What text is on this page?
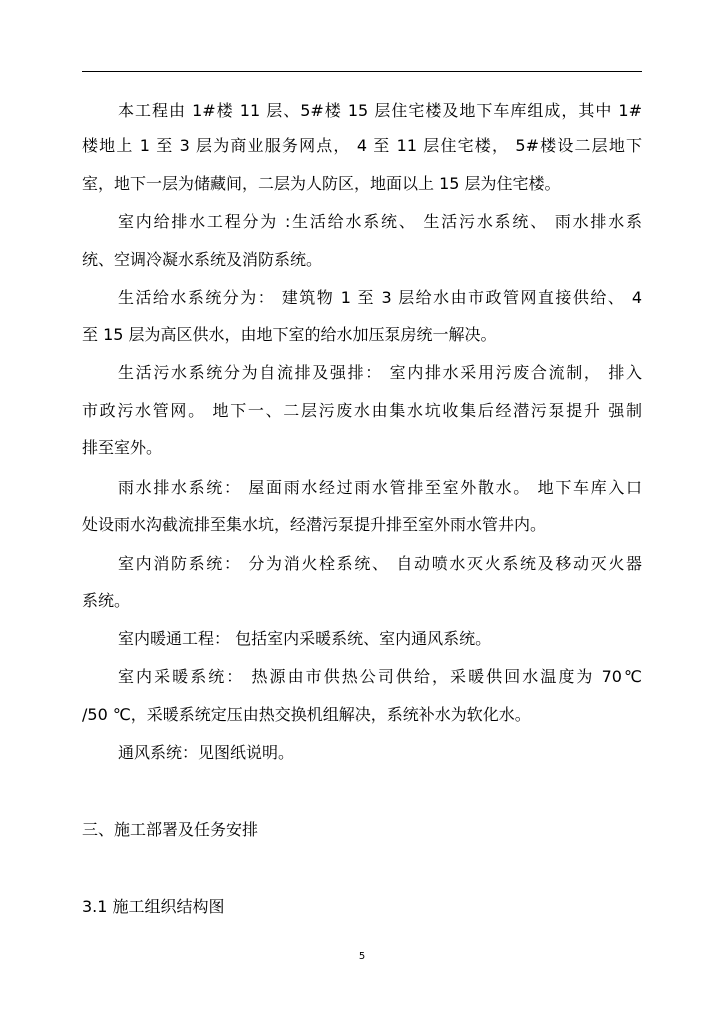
本工程由 1#楼 11 层、5#楼 15 层住宅楼及地下车库组成，其中 1#
楼地上 1 至 3 层为商业服务网点， 4 至 11 层住宅楼， 5#楼设二层地下
室，地下一层为储藏间，二层为人防区，地面以上 15 层为住宅楼。
室内给排水工程分为 :生活给水系统、 生活污水系统、 雨水排水系
统、空调冷凝水系统及消防系统。
生活给水系统分为： 建筑物 1 至 3 层给水由市政管网直接供给、 4
至 15 层为高区供水，由地下室的给水加压泵房统一解决。
生活污水系统分为自流排及强排： 室内排水采用污废合流制， 排入
市政污水管网。 地下一、二层污废水由集水坑收集后经潜污泵提升 强制
排至室外。
雨水排水系统： 屋面雨水经过雨水管排至室外散水。 地下车库入口
处设雨水沟截流排至集水坑，经潜污泵提升排至室外雨水管井内。
室内消防系统： 分为消火栓系统、 自动喷水灭火系统及移动灭火器
系统。
室内暖通工程： 包括室内采暖系统、室内通风系统。
室内采暖系统： 热源由市供热公司供给，采暖供回水温度为 70℃
/50 ℃，采暖系统定压由热交换机组解决，系统补水为软化水。
通风系统：见图纸说明。
三、施工部署及任务安排
3.1 施工组织结构图
5
